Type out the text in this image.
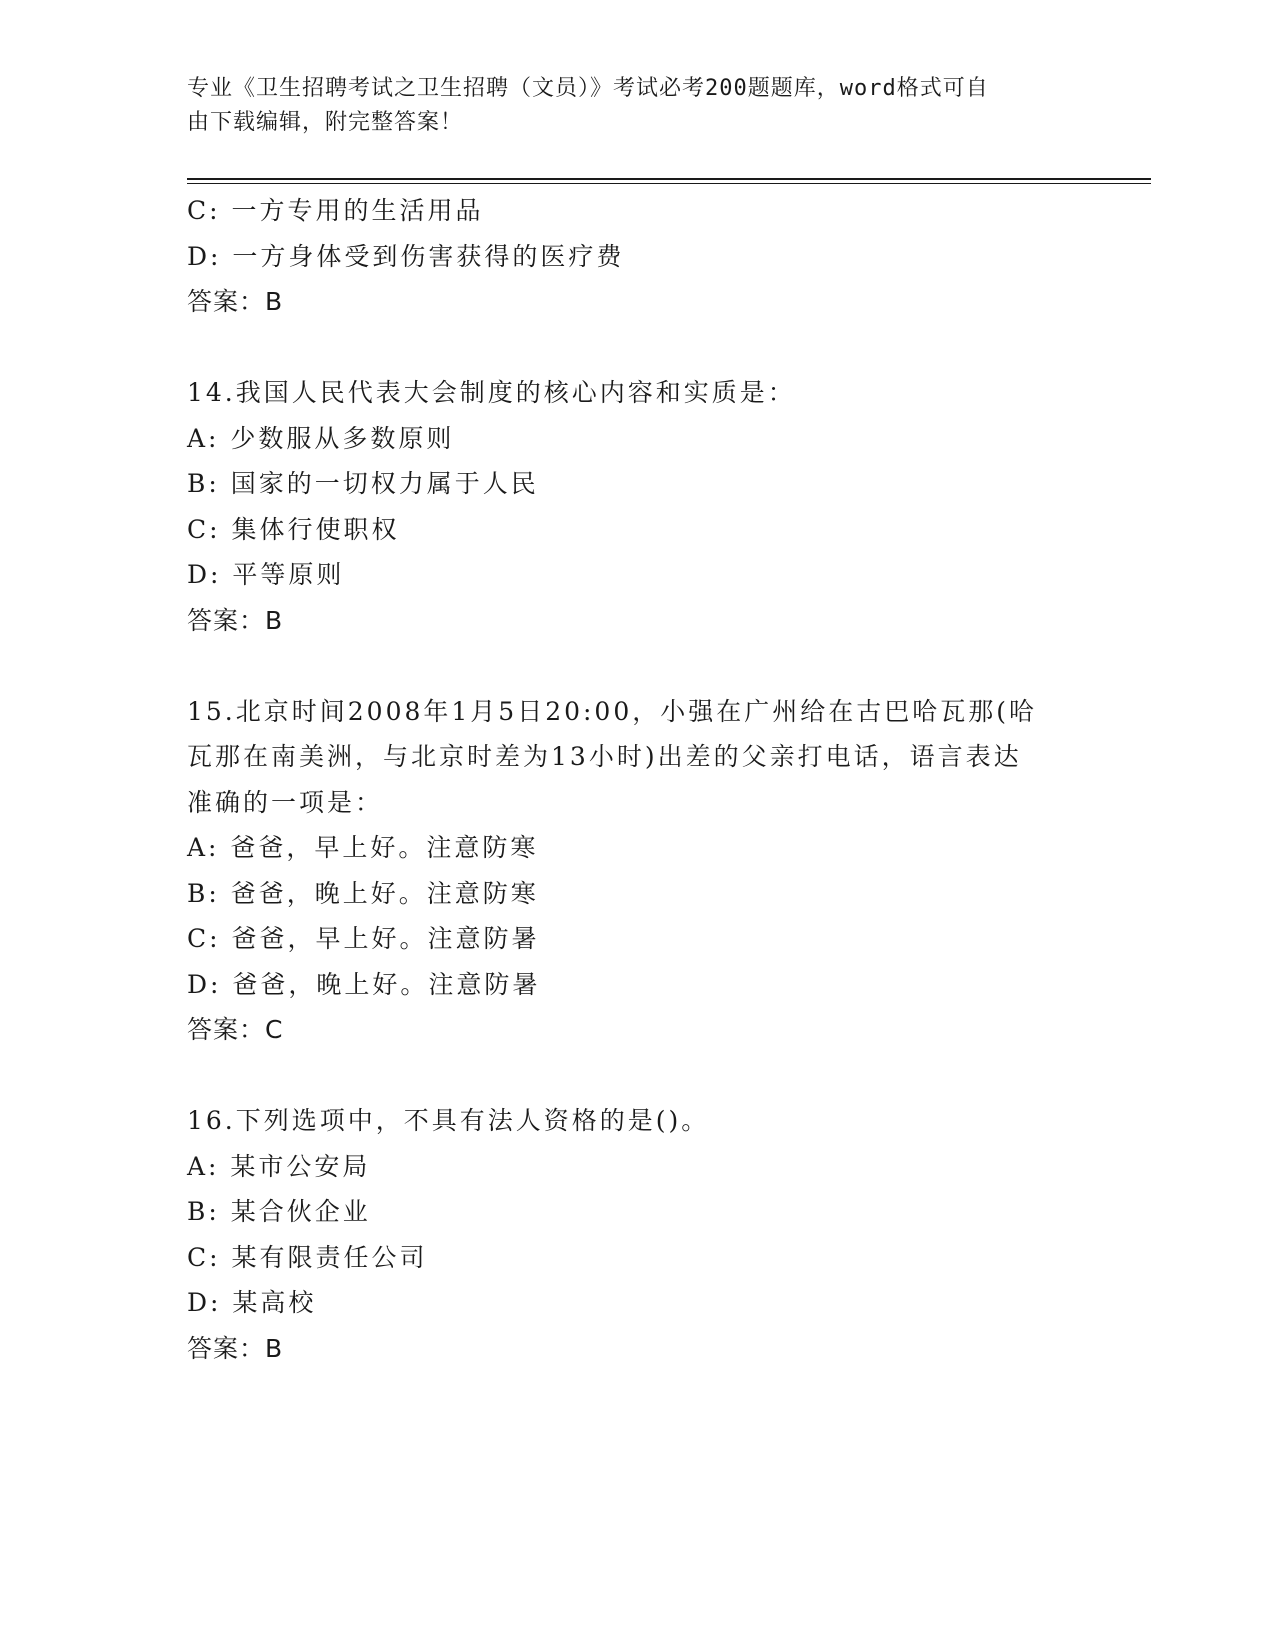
专业《卫生招聘考试之卫生招聘（文员）》考试必考200题题库，word格式可自
由下载编辑，附完整答案！
C: 一方专用的生活用品
D: 一方身体受到伤害获得的医疗费
答案：B
14.我国人民代表大会制度的核心内容和实质是：
A: 少数服从多数原则
B: 国家的一切权力属于人民
C: 集体行使职权
D: 平等原则
答案：B
15.北京时间2008年1月5日20:00，小强在广州给在古巴哈瓦那(哈
瓦那在南美洲，与北京时差为13小时)出差的父亲打电话，语言表达
准确的一项是：
A: 爸爸，早上好。注意防寒
B: 爸爸，晚上好。注意防寒
C: 爸爸，早上好。注意防暑
D: 爸爸，晚上好。注意防暑
答案：C
16.下列选项中，不具有法人资格的是()。
A: 某市公安局
B: 某合伙企业
C: 某有限责任公司
D: 某高校
答案：B
